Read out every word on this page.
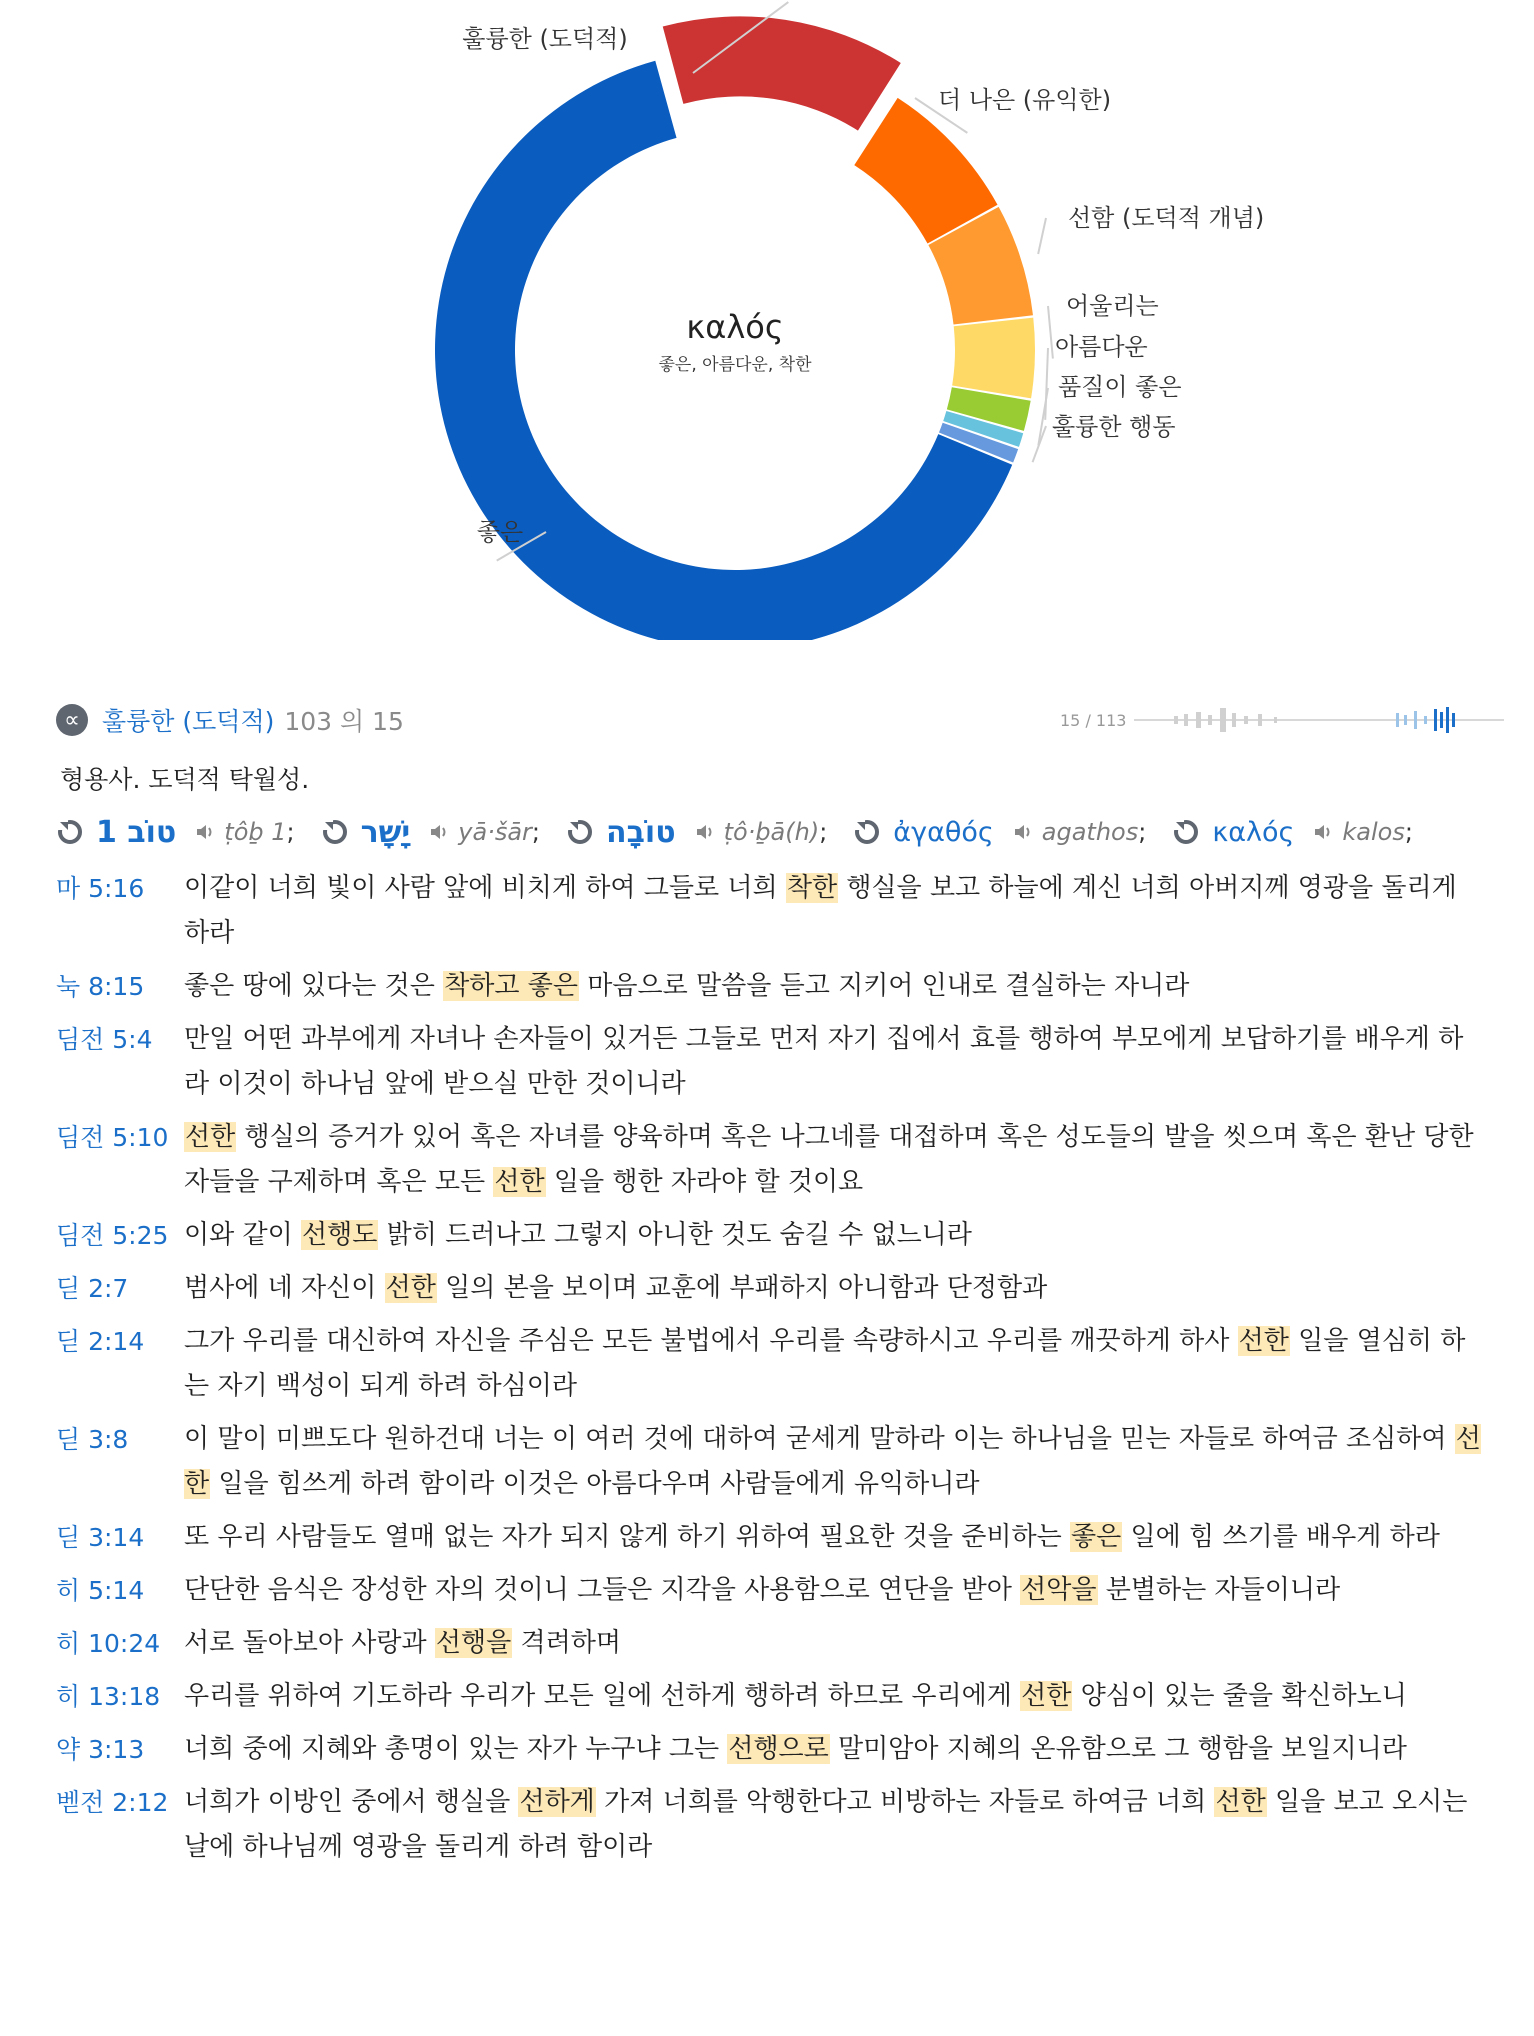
훌륭한 (도덕적)
더 나은 (유익한)
선함 (도덕적 개념)
어울리는
아름다운
품질이 좋은
훌륭한 행동
좋은
καλός
좋은, 아름다운, 착한
∝ 훌륭한 (도덕적) 103 의 15	15 / 113
형용사. 도덕적 탁월성.
טוֹב 1 ṭôḇ 1 ; יָשָׁר yā·šār ; טוֹבָה ṭô·ḇā(h) ; ἀγαθός agathos ; καλός kalos ;
마 5:16	이같이 너희 빛이 사람 앞에 비치게 하여 그들로 너희 착한 행실을 보고 하늘에 계신 너희 아버지께 영광을 돌리게 하라
눅 8:15	좋은 땅에 있다는 것은 착하고 좋은 마음으로 말씀을 듣고 지키어 인내로 결실하는 자니라
딤전 5:4	만일 어떤 과부에게 자녀나 손자들이 있거든 그들로 먼저 자기 집에서 효를 행하여 부모에게 보답하기를 배우게 하라 이것이 하나님 앞에 받으실 만한 것이니라
딤전 5:10 선한 행실의 증거가 있어 혹은 자녀를 양육하며 혹은 나그네를 대접하며 혹은 성도들의 발을 씻으며 혹은 환난 당한 자들을 구제하며 혹은 모든 선한 일을 행한 자라야 할 것이요
딤전 5:25 이와 같이 선행도 밝히 드러나고 그렇지 아니한 것도 숨길 수 없느니라
딛 2:7	범사에 네 자신이 선한 일의 본을 보이며 교훈에 부패하지 아니함과 단정함과
딛 2:14	그가 우리를 대신하여 자신을 주심은 모든 불법에서 우리를 속량하시고 우리를 깨끗하게 하사 선한 일을 열심히 하는 자기 백성이 되게 하려 하심이라
딛 3:8	이 말이 미쁘도다 원하건대 너는 이 여러 것에 대하여 굳세게 말하라 이는 하나님을 믿는 자들로 하여금 조심하여 선한 일을 힘쓰게 하려 함이라 이것은 아름다우며 사람들에게 유익하니라
딛 3:14	또 우리 사람들도 열매 없는 자가 되지 않게 하기 위하여 필요한 것을 준비하는 좋은 일에 힘 쓰기를 배우게 하라
히 5:14	단단한 음식은 장성한 자의 것이니 그들은 지각을 사용함으로 연단을 받아 선악을 분별하는 자들이니라
히 10:24 서로 돌아보아 사랑과 선행을 격려하며
히 13:18 우리를 위하여 기도하라 우리가 모든 일에 선하게 행하려 하므로 우리에게 선한 양심이 있는 줄을 확신하노니
약 3:13	너희 중에 지혜와 총명이 있는 자가 누구냐 그는 선행으로 말미암아 지혜의 온유함으로 그 행함을 보일지니라
벧전 2:12 너희가 이방인 중에서 행실을 선하게 가져 너희를 악행한다고 비방하는 자들로 하여금 너희 선한 일을 보고 오시는 날에 하나님께 영광을 돌리게 하려 함이라
